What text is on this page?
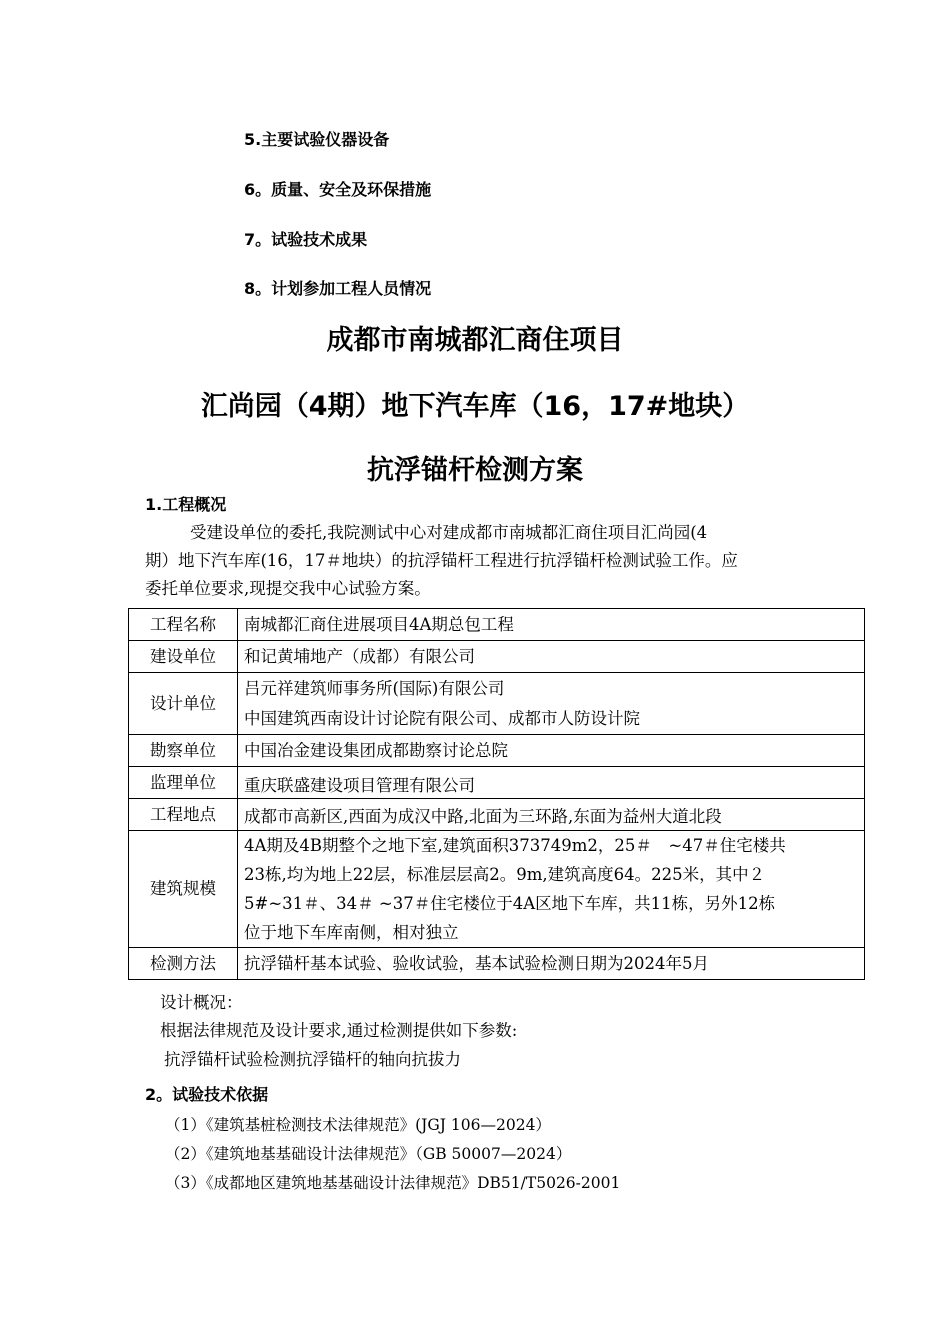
5.主要试验仪器设备
6。质量、安全及环保措施
7。试验技术成果
8。计划参加工程人员情况
成都市南城都汇商住项目
汇尚园（4期）地下汽车库（16，17#地块）
抗浮锚杆检测方案
1.工程概况
受建设单位的委托,我院测试中心对建成都市南城都汇商住项目汇尚园(4
期）地下汽车库(16，17＃地块）的抗浮锚杆工程进行抗浮锚杆检测试验工作。应
委托单位要求,现提交我中心试验方案。
工程名称	南城都汇商住进展项目4A期总包工程
建设单位	和记黄埔地产（成都）有限公司
设计单位	吕元祥建筑师事务所(国际)有限公司
中国建筑西南设计讨论院有限公司、成都市人防设计院

勘察单位	中国冶金建设集团成都勘察讨论总院
监理单位	重庆联盛建设项目管理有限公司
工程地点	成都市高新区,西面为成汉中路,北面为三环路,东面为益州大道北段
建筑规模	4A期及4B期整个之地下室,建筑面积373749m2，25＃　~47＃住宅楼共
23栋,均为地上22层，标准层层高2。9m,建筑高度64。225米，其中２
5#~31＃、34＃ ~37＃住宅楼位于4A区地下车库，共11栋，另外12栋
位于地下车库南侧，相对独立

检测方法	抗浮锚杆基本试验、验收试验，基本试验检测日期为2024年5月
设计概况：
根据法律规范及设计要求,通过检测提供如下参数:
抗浮锚杆试验检测抗浮锚杆的轴向抗拔力
2。试验技术依据
（1）《建筑基桩检测技术法律规范》(JGJ 106—2024）
（2）《建筑地基基础设计法律规范》（GB 50007—2024）
（3）《成都地区建筑地基基础设计法律规范》DB51/T5026-2001
